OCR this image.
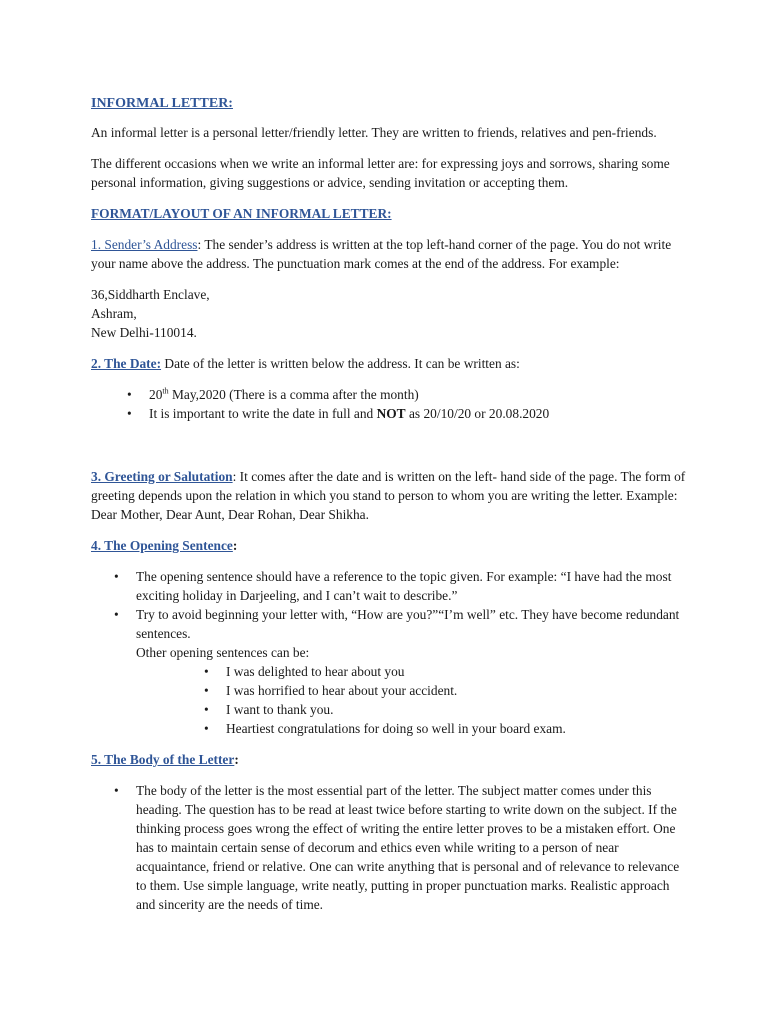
INFORMAL LETTER:

An informal letter is a personal letter/friendly letter. They are written to friends, relatives and pen-friends.

The different occasions when we write an informal letter are: for expressing joys and sorrows, sharing some personal information, giving suggestions or advice, sending invitation or accepting them.

FORMAT/LAYOUT OF AN INFORMAL LETTER:

1. Sender’s Address: The sender’s address is written at the top left-hand corner of the page. You do not write your name above the address. The punctuation mark comes at the end of the address. For example:

36,Siddharth Enclave,
Ashram,
New Delhi-110014.

2. The Date: Date of the letter is written below the address. It can be written as:

• 20th May,2020 (There is a comma after the month)
• It is important to write the date in full and NOT as 20/10/20 or 20.08.2020

3. Greeting or Salutation: It comes after the date and is written on the left- hand side of the page. The form of greeting depends upon the relation in which you stand to person to whom you are writing the letter. Example: Dear Mother, Dear Aunt, Dear Rohan, Dear Shikha.

4. The Opening Sentence:

• The opening sentence should have a reference to the topic given. For example: “I have had the most exciting holiday in Darjeeling, and I can’t wait to describe.”
• Try to avoid beginning your letter with, “How are you?”“I’m well” etc. They have become redundant sentences.
Other opening sentences can be:
• I was delighted to hear about you
• I was horrified to hear about your accident.
• I want to thank you.
• Heartiest congratulations for doing so well in your board exam.

5. The Body of the Letter:

• The body of the letter is the most essential part of the letter. The subject matter comes under this heading. The question has to be read at least twice before starting to write down on the subject. If the thinking process goes wrong the effect of writing the entire letter proves to be a mistaken effort. One has to maintain certain sense of decorum and ethics even while writing to a person of near acquaintance, friend or relative. One can write anything that is personal and of relevance to relevance to them. Use simple language, write neatly, putting in proper punctuation marks. Realistic approach and sincerity are the needs of time.
